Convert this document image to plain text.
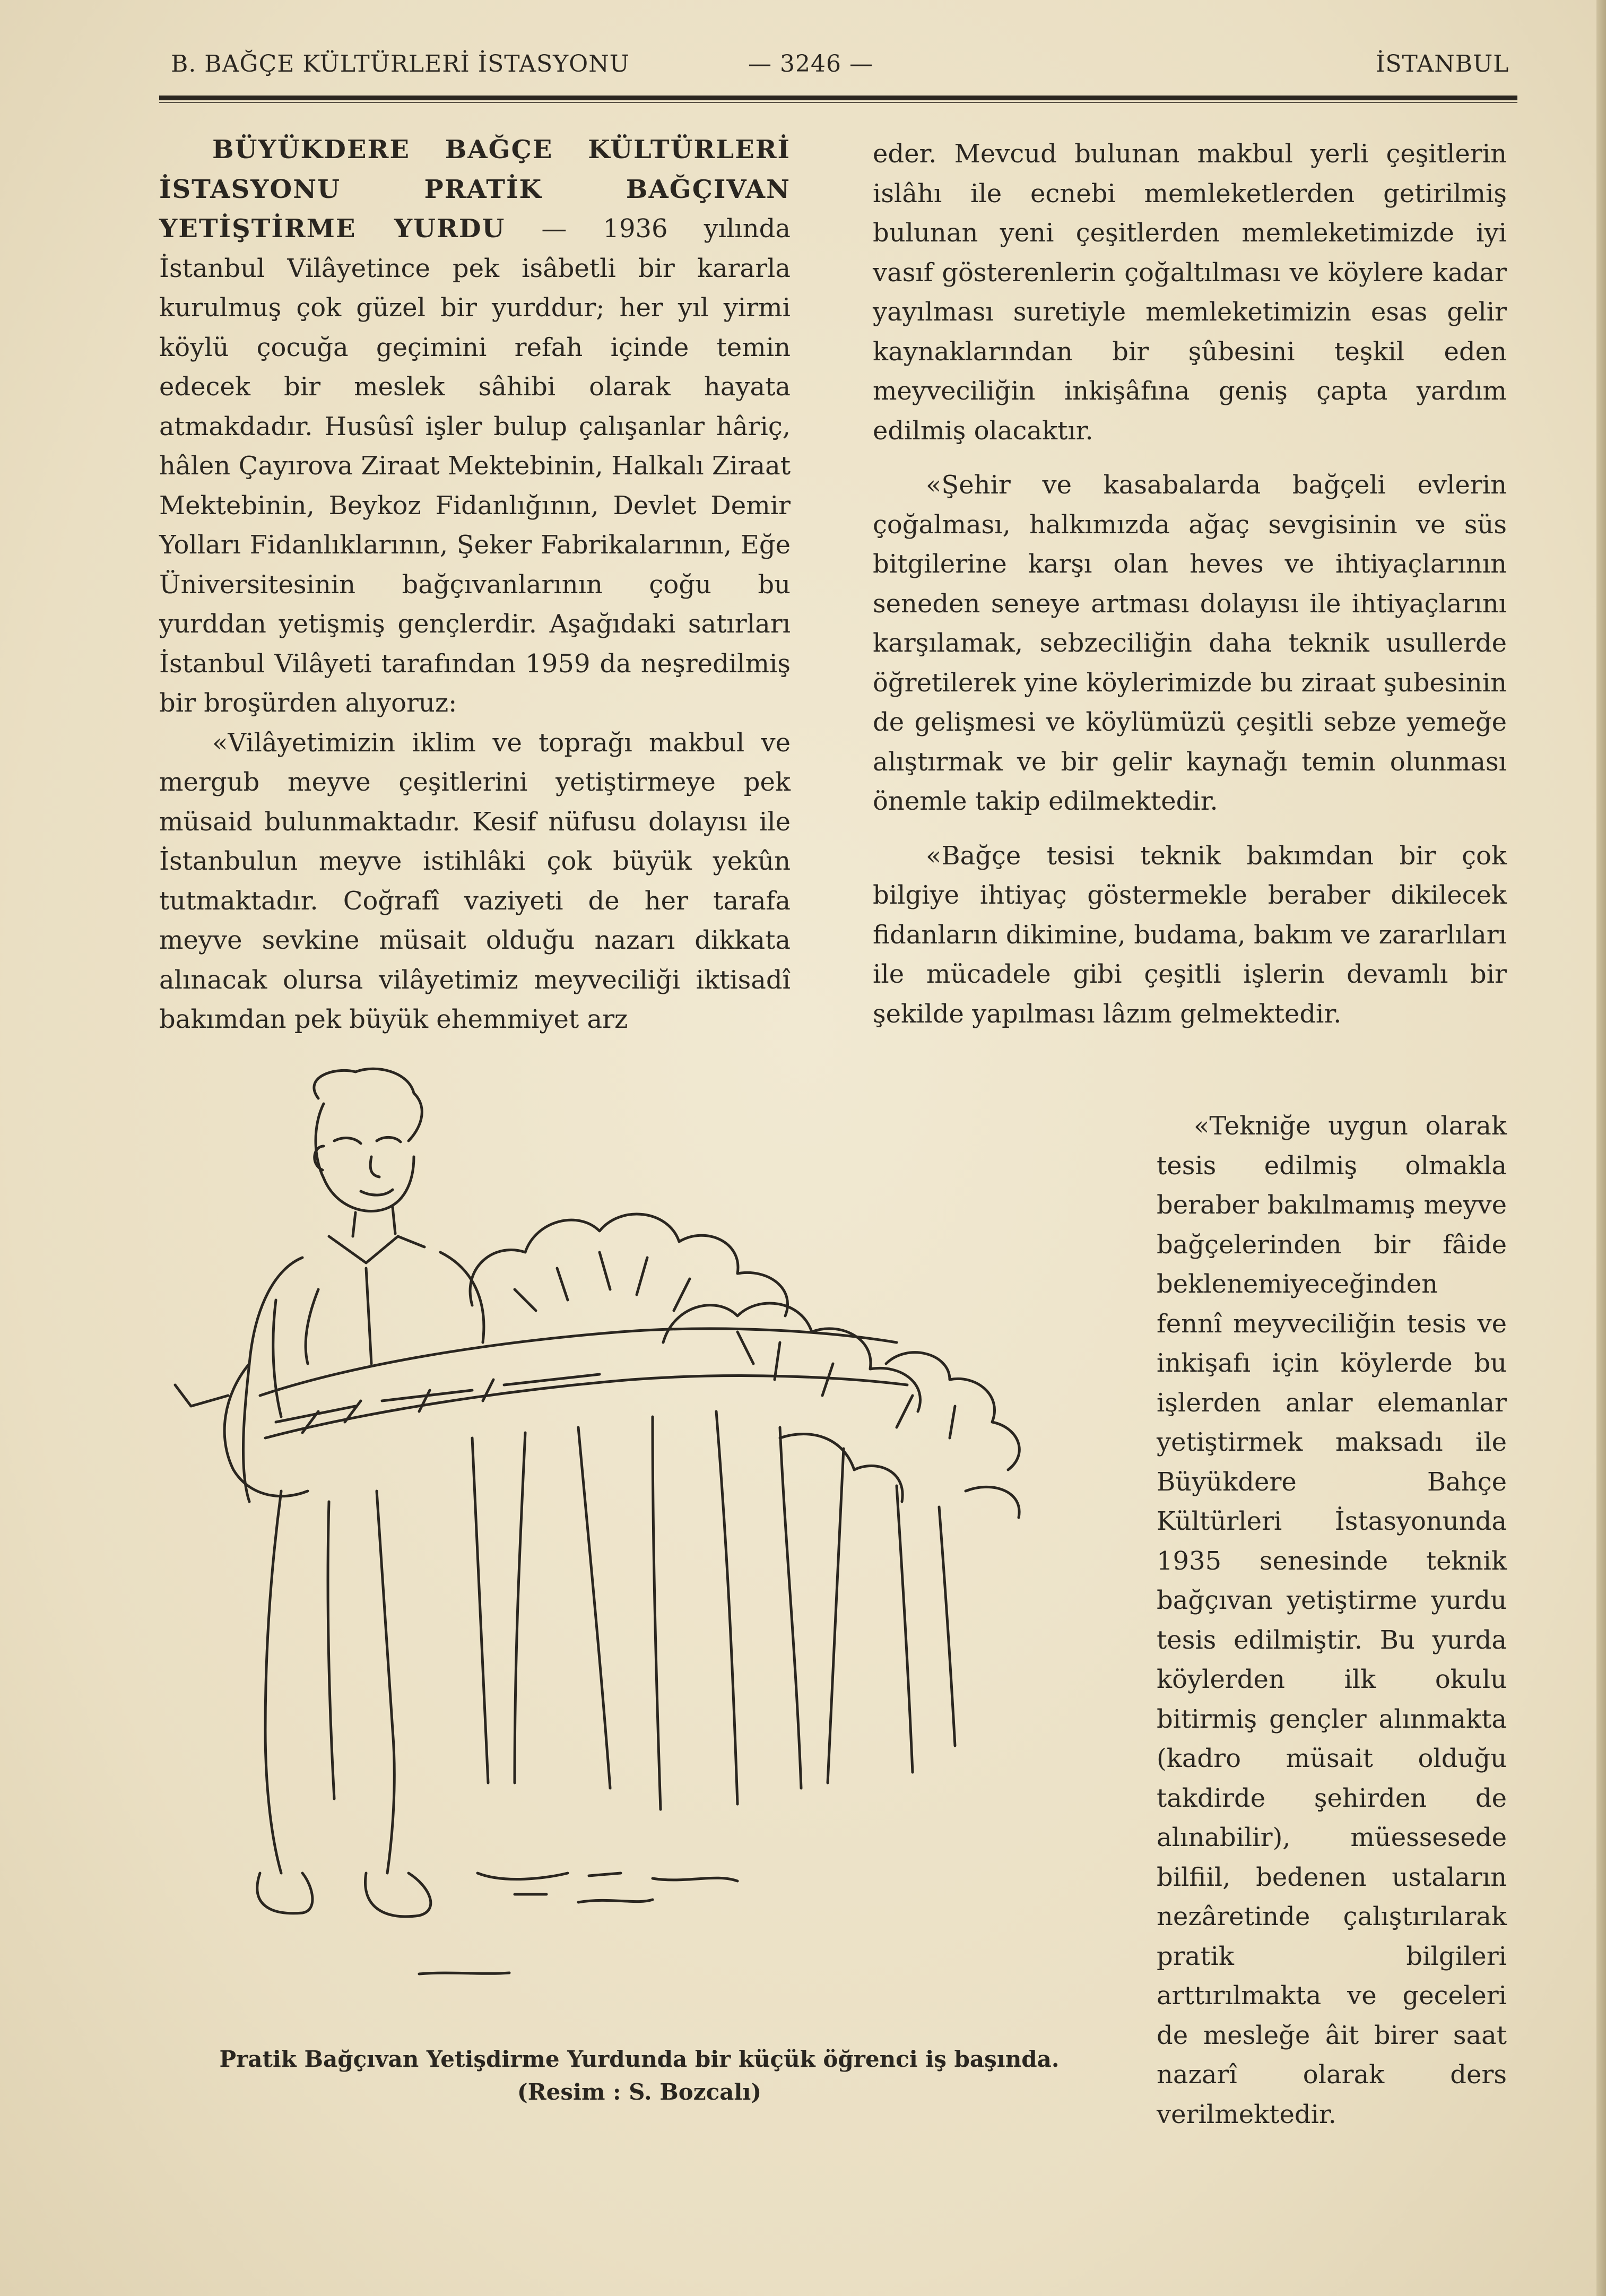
B. BAĞÇE KÜLTÜRLERİ İSTASYONU	— 3246 —	İSTANBUL

BÜYÜKDERE BAĞÇE KÜLTÜRLERİ İSTASYONU PRATİK BAĞÇIVAN YETİŞTİRME YURDU — 1936 yılında İstanbul Vilâyetince pek isâbetli bir kararla kurulmuş çok güzel bir yurddur; her yıl yirmi köylü çocuğa geçimini refah içinde temin edecek bir meslek sâhibi olarak hayata atmakdadır. Husûsî işler bulup çalışanlar hâriç, hâlen Çayırova Ziraat Mektebinin, Halkalı Ziraat Mektebinin, Beykoz Fidanlığının, Devlet Demir Yolları Fidanlıklarının, Şeker Fabrikalarının, Eğe Üniversitesinin bağçıvanlarının çoğu bu yurddan yetişmiş gençlerdir. Aşağıdaki satırları İstanbul Vilâyeti tarafından 1959 da neşredilmiş bir broşürden alıyoruz:

«Vilâyetimizin iklim ve toprağı makbul ve mergub meyve çeşitlerini yetiştirmeye pek müsaid bulunmaktadır. Kesif nüfusu dolayısı ile İstanbulun meyve istihlâki çok büyük yekûn tutmaktadır. Coğrafî vaziyeti de her tarafa meyve sevkine müsait olduğu nazarı dikkata alınacak olursa vilâyetimiz meyveciliği iktisadî bakımdan pek büyük ehemmiyet arz

eder. Mevcud bulunan makbul yerli çeşitlerin islâhı ile ecnebi memleketlerden getirilmiş bulunan yeni çeşitlerden memleketimizde iyi vasıf gösterenlerin çoğaltılması ve köylere kadar yayılması suretiyle memleketimizin esas gelir kaynaklarından bir şûbesini teşkil eden meyveciliğin inkişâfına geniş çapta yardım edilmiş olacaktır.

«Şehir ve kasabalarda bağçeli evlerin çoğalması, halkımızda ağaç sevgisinin ve süs bitgilerine karşı olan heves ve ihtiyaçlarının seneden seneye artması dolayısı ile ihtiyaçlarını karşılamak, sebzeciliğin daha teknik usullerde öğretilerek yine köylerimizde bu ziraat şubesinin de gelişmesi ve köylümüzü çeşitli sebze yemeğe alıştırmak ve bir gelir kaynağı temin olunması önemle takip edilmektedir.

«Bağçe tesisi teknik bakımdan bir çok bilgiye ihtiyaç göstermekle beraber dikilecek fidanların dikimine, budama, bakım ve zararlıları ile mücadele gibi çeşitli işlerin devamlı bir şekilde yapılması lâzım gelmektedir.

«Tekniğe uygun olarak tesis edilmiş olmakla beraber bakılmamış meyve bağçelerinden bir fâide beklenemiyeceğinden fennî meyveciliğin tesis ve inkişafı için köylerde bu işlerden anlar elemanlar yetiştirmek maksadı ile Büyükdere Bahçe Kültürleri İstasyonunda 1935 senesinde teknik bağçıvan yetiştirme yurdu tesis edilmiştir. Bu yurda köylerden ilk okulu bitirmiş gençler alınmakta (kadro müsait olduğu takdirde şehirden de alınabilir), müessesede bilfiil, bedenen ustaların nezâretinde çalıştırılarak pratik bilgileri arttırılmakta ve geceleri de mesleğe âit birer saat nazarî olarak ders verilmektedir.

Pratik Bağçıvan Yetişdirme Yurdunda bir küçük öğrenci iş başında.
(Resim : S. Bozcalı)
